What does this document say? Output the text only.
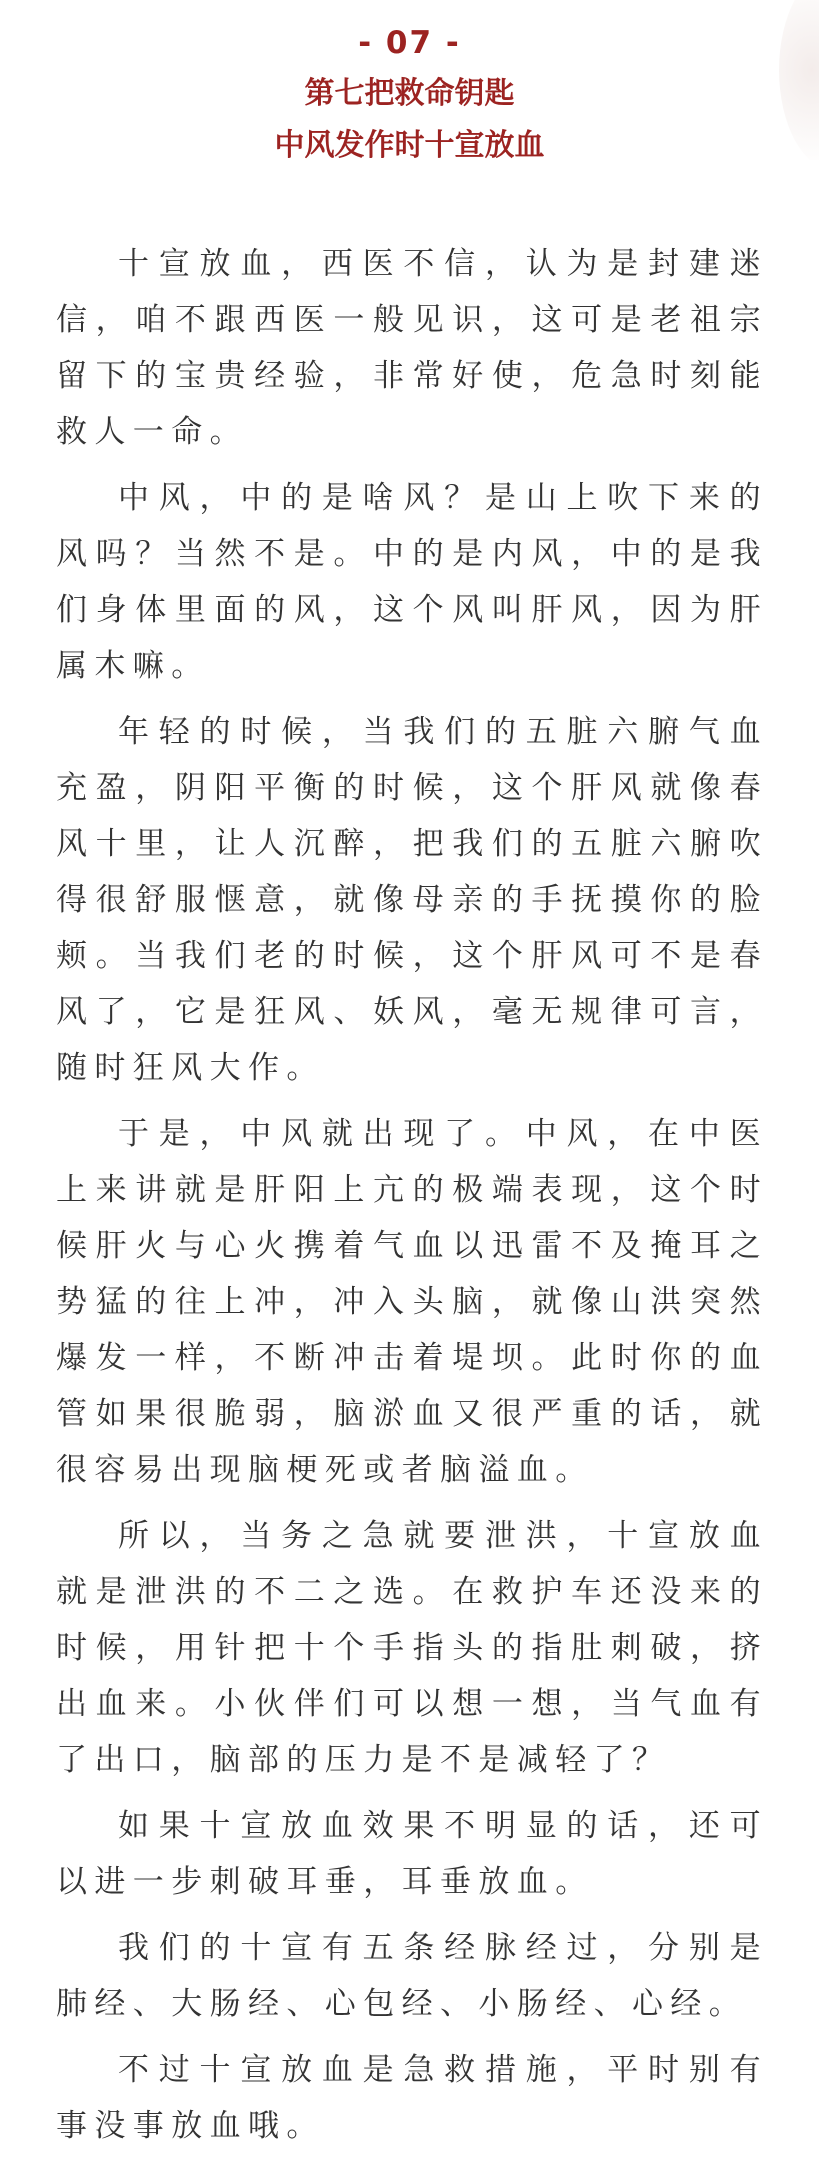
- 07 -
第七把救命钥匙
中风发作时十宣放血

十宣放血，西医不信，认为是封建迷信，咱不跟西医一般见识，这可是老祖宗留下的宝贵经验，非常好使，危急时刻能救人一命。

中风，中的是啥风？是山上吹下来的风吗？当然不是。中的是内风，中的是我们身体里面的风，这个风叫肝风，因为肝属木嘛。

年轻的时候，当我们的五脏六腑气血充盈，阴阳平衡的时候，这个肝风就像春风十里，让人沉醉，把我们的五脏六腑吹得很舒服惬意，就像母亲的手抚摸你的脸颊。当我们老的时候，这个肝风可不是春风了，它是狂风、妖风，毫无规律可言，随时狂风大作。

于是，中风就出现了。中风，在中医上来讲就是肝阳上亢的极端表现，这个时候肝火与心火携着气血以迅雷不及掩耳之势猛的往上冲，冲入头脑，就像山洪突然爆发一样，不断冲击着堤坝。此时你的血管如果很脆弱，脑淤血又很严重的话，就很容易出现脑梗死或者脑溢血。

所以，当务之急就要泄洪，十宣放血就是泄洪的不二之选。在救护车还没来的时候，用针把十个手指头的指肚刺破，挤出血来。小伙伴们可以想一想，当气血有了出口，脑部的压力是不是减轻了？

如果十宣放血效果不明显的话，还可以进一步刺破耳垂，耳垂放血。

我们的十宣有五条经脉经过，分别是肺经、大肠经、心包经、小肠经、心经。

不过十宣放血是急救措施，平时别有事没事放血哦。
